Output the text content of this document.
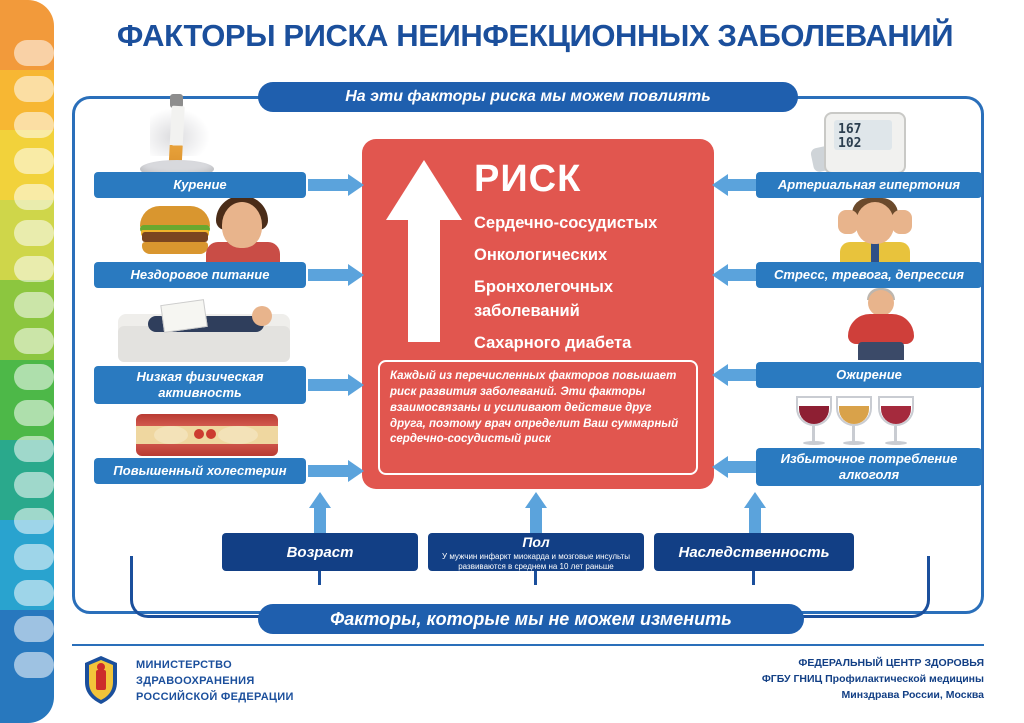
ФАКТОРЫ РИСКА НЕИНФЕКЦИОННЫХ ЗАБОЛЕВАНИЙ
На эти факторы риска мы можем повлиять
РИСК
Сердечно-сосудистых
Онкологических
Бронхолегочных заболеваний
Сахарного диабета
Каждый из перечисленных факторов повышает риск развития заболеваний. Эти факторы взаимосвязаны и усиливают действие друг друга, поэтому врач определит Ваш суммарный сердечно-сосудистый риск
167
102
Курение
Нездоровое питание
Низкая физическая активность
Повышенный холестерин
Артериальная гипертония
Стресс, тревога, депрессия
Ожирение
Избыточное потребление алкоголя
Возраст
Пол
У мужчин инфаркт миокарда и мозговые инсульты развиваются в среднем на 10 лет раньше
Наследственность
Факторы, которые мы не можем изменить
МИНИСТЕРСТВО
ЗДРАВООХРАНЕНИЯ
РОССИЙСКОЙ ФЕДЕРАЦИИ
ФЕДЕРАЛЬНЫЙ ЦЕНТР ЗДОРОВЬЯ
ФГБУ ГНИЦ Профилактической медицины
Минздрава России, Москва
